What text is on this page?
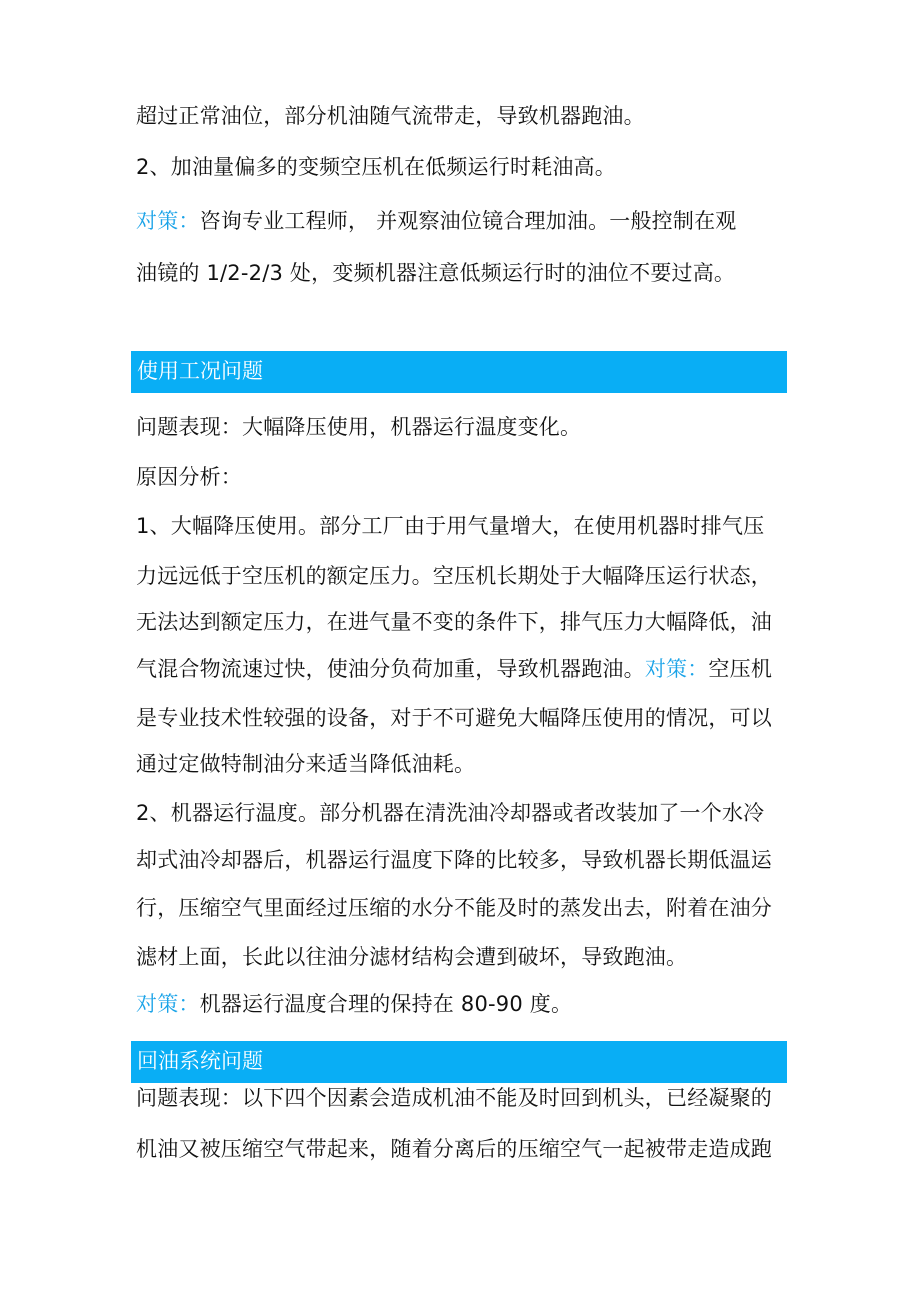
超过正常油位，部分机油随气流带走，导致机器跑油。
2、加油量偏多的变频空压机在低频运行时耗油高。
对策：咨询专业工程师， 并观察油位镜合理加油。一般控制在观
油镜的 1/2-2/3 处，变频机器注意低频运行时的油位不要过高。
使用工况问题
问题表现：大幅降压使用，机器运行温度变化。
原因分析：
1、大幅降压使用。部分工厂由于用气量增大，在使用机器时排气压
力远远低于空压机的额定压力。空压机长期处于大幅降压运行状态，
无法达到额定压力，在进气量不变的条件下，排气压力大幅降低，油
气混合物流速过快，使油分负荷加重，导致机器跑油。对策：空压机
是专业技术性较强的设备，对于不可避免大幅降压使用的情况，可以
通过定做特制油分来适当降低油耗。
2、机器运行温度。部分机器在清洗油冷却器或者改装加了一个水冷
却式油冷却器后，机器运行温度下降的比较多，导致机器长期低温运
行，压缩空气里面经过压缩的水分不能及时的蒸发出去，附着在油分
滤材上面，长此以往油分滤材结构会遭到破坏，导致跑油。
对策：机器运行温度合理的保持在 80-90 度。
回油系统问题
问题表现：以下四个因素会造成机油不能及时回到机头，已经凝聚的
机油又被压缩空气带起来，随着分离后的压缩空气一起被带走造成跑
